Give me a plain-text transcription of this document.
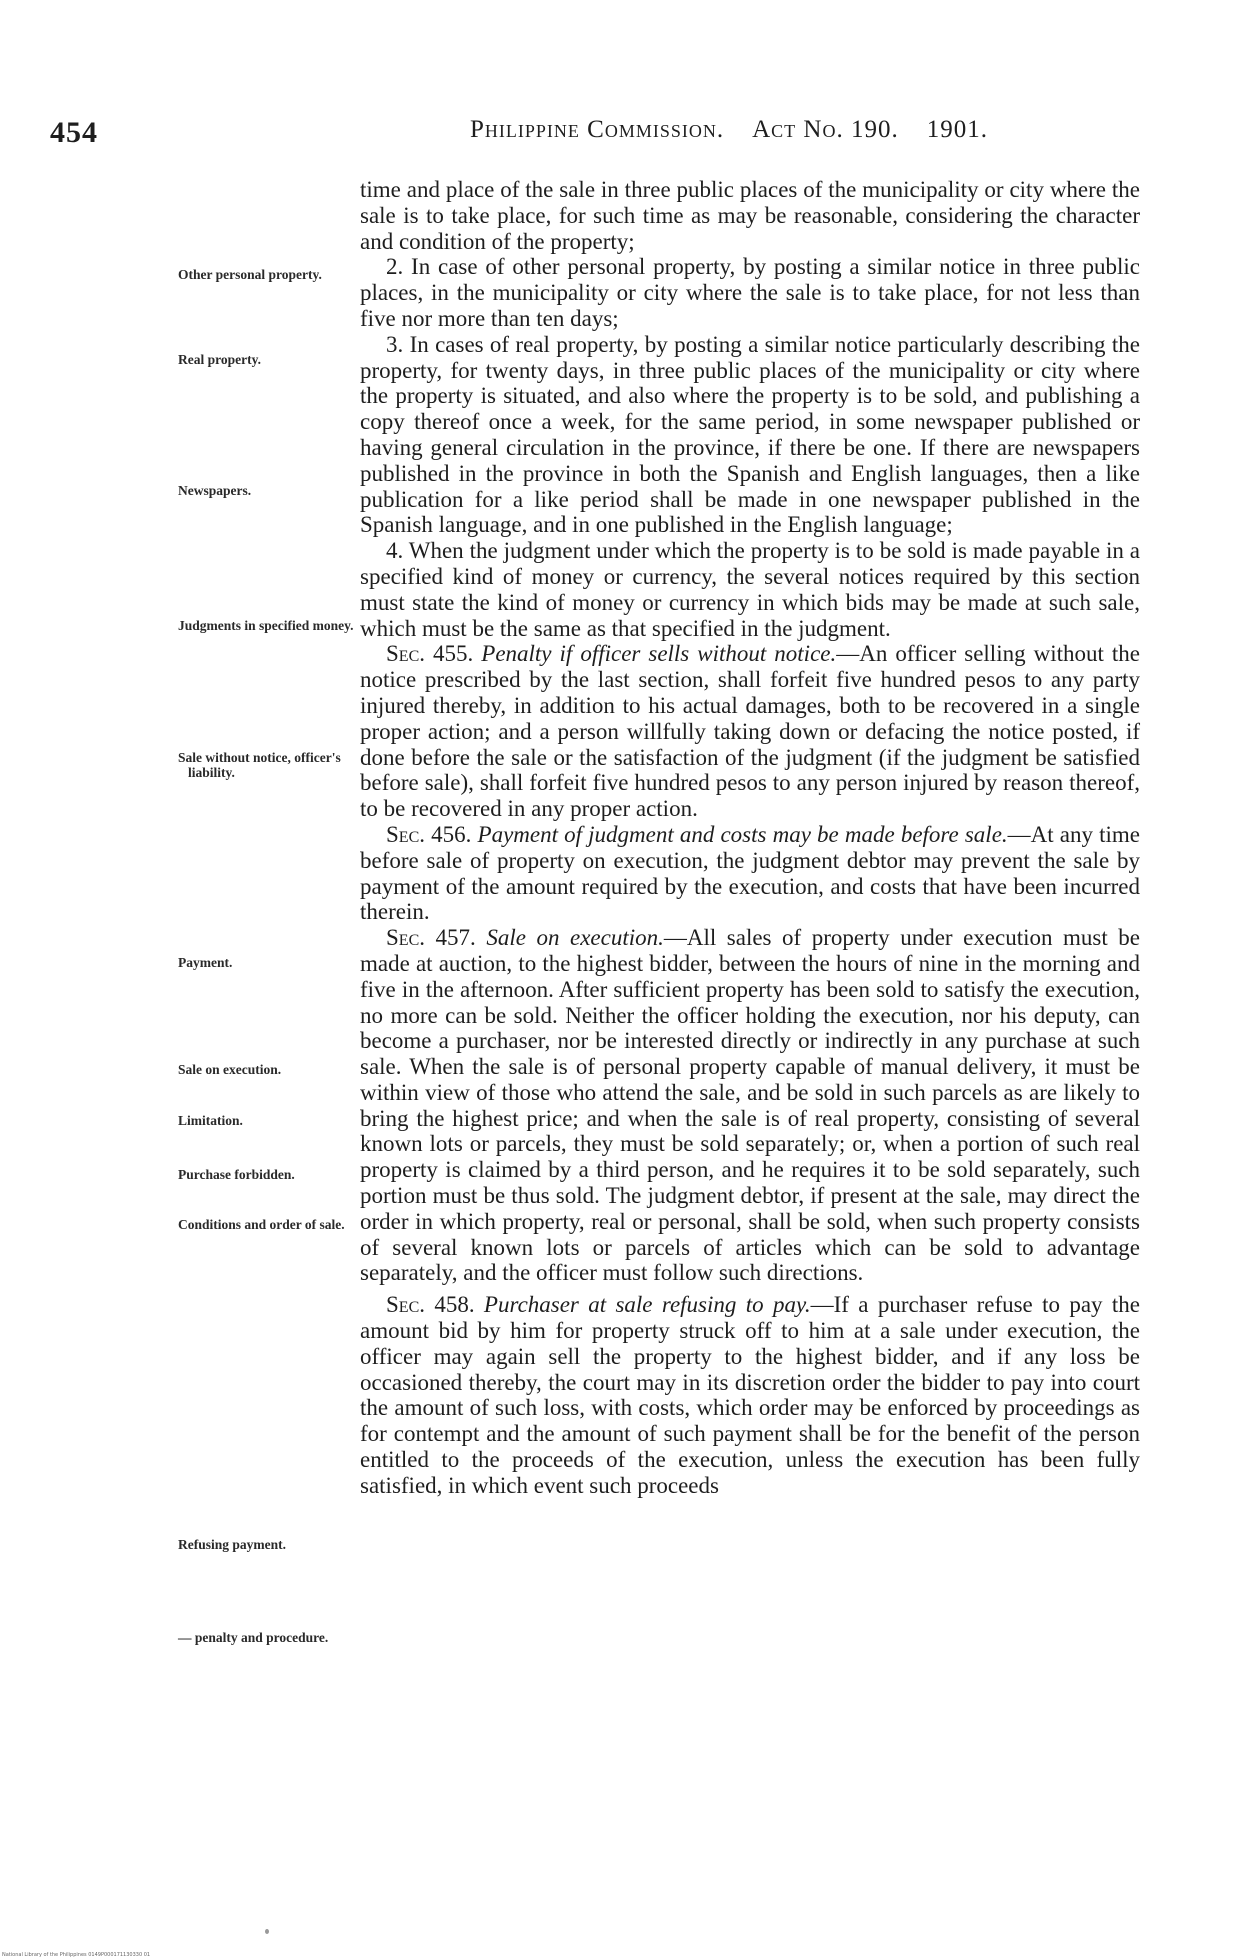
454	Philippine Commission. Act No. 190. 1901.
Other personal property.
Real property.
Newspapers.
Judgments in specified money.
Sale without notice, officer's liability.
Payment.
Sale on execution.
Limitation.
Purchase forbidden.
Conditions and order of sale.
Refusing payment.
— penalty and procedure.

time and place of the sale in three public places of the municipality or city where the sale is to take place, for such time as may be reasonable, considering the character and condition of the property;

2. In case of other personal property, by posting a similar notice in three public places, in the municipality or city where the sale is to take place, for not less than five nor more than ten days;

3. In cases of real property, by posting a similar notice particularly describing the property, for twenty days, in three public places of the municipality or city where the property is situated, and also where the property is to be sold, and publishing a copy thereof once a week, for the same period, in some newspaper published or having general circulation in the province, if there be one. If there are newspapers published in the province in both the Spanish and English languages, then a like publication for a like period shall be made in one newspaper published in the Spanish language, and in one published in the English language;

4. When the judgment under which the property is to be sold is made payable in a specified kind of money or currency, the several notices required by this section must state the kind of money or currency in which bids may be made at such sale, which must be the same as that specified in the judgment.

Sec. 455. Penalty if officer sells without notice.—An officer selling without the notice prescribed by the last section, shall forfeit five hundred pesos to any party injured thereby, in addition to his actual damages, both to be recovered in a single proper action; and a person willfully taking down or defacing the notice posted, if done before the sale or the satisfaction of the judgment (if the judgment be satisfied before sale), shall forfeit five hundred pesos to any person injured by reason thereof, to be recovered in any proper action.

Sec. 456. Payment of judgment and costs may be made before sale.—At any time before sale of property on execution, the judgment debtor may prevent the sale by payment of the amount required by the execution, and costs that have been incurred therein.

Sec. 457. Sale on execution.—All sales of property under execution must be made at auction, to the highest bidder, between the hours of nine in the morning and five in the afternoon. After sufficient property has been sold to satisfy the execution, no more can be sold. Neither the officer holding the execution, nor his deputy, can become a purchaser, nor be interested directly or indirectly in any purchase at such sale. When the sale is of personal property capable of manual delivery, it must be within view of those who attend the sale, and be sold in such parcels as are likely to bring the highest price; and when the sale is of real property, consisting of several known lots or parcels, they must be sold separately; or, when a portion of such real property is claimed by a third person, and he requires it to be sold separately, such portion must be thus sold. The judgment debtor, if present at the sale, may direct the order in which property, real or personal, shall be sold, when such property consists of several known lots or parcels of articles which can be sold to advantage separately, and the officer must follow such directions.

Sec. 458. Purchaser at sale refusing to pay.—If a purchaser refuse to pay the amount bid by him for property struck off to him at a sale under execution, the officer may again sell the property to the highest bidder, and if any loss be occasioned thereby, the court may in its discretion order the bidder to pay into court the amount of such loss, with costs, which order may be enforced by proceedings as for contempt and the amount of such payment shall be for the benefit of the person entitled to the proceeds of the execution, unless the execution has been fully satisfied, in which event such proceeds

National Library of the Philippines 0149P000171130330 01
